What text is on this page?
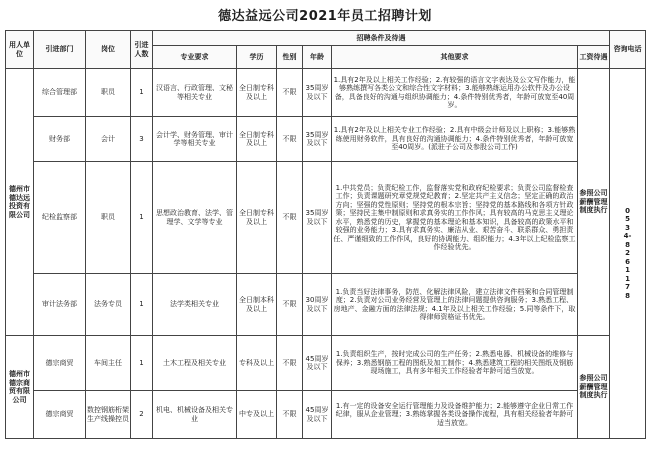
德达益远公司2021年员工招聘计划
用人单位	引进部门	岗位	引进人数	招聘条件及待遇						咨询电话
				专业要求	学历	性别	年龄	其他要求	工资待遇	
德州市德达远投资有限公司	综合管理部	职员	1	汉语言、行政管理、文秘等相关专业	全日制专科及以上	不限	35周岁及以下	1.具有2年及以上相关工作经验；2.有较强的语言文字表达及公文写作能力，能够熟练撰写各类公文和综合性文字材料；3.能够熟练运用办公软件及办公设备，具备良好的沟通与组织协调能力；4.条件特别优秀者，年龄可放宽至40周岁。	参照公司薪酬管理制度执行	0534-8261178

	财务部	会计	3	会计学、财务管理、审计学等相关专业	全日制专科及以上	不限	35周岁及以下	1.具有2年及以上相关专业工作经验；2.具有中级会计师及以上职称；3.能够熟练使用财务软件，具有良好的沟通协调能力；4.条件特别优秀者，年龄可放宽至40周岁。(派驻子公司及参股公司工作)		
	纪检监察部	职员	1	思想政治教育、法学、管理学、文学等专业	全日制专科及以上	不限	35周岁及以下	1.中共党员；负责纪检工作，监督落实党和政府纪检要求；负责公司监督检查工作；负责课题研究章党规党纪教育；2.坚定共产主义信念；坚定正确的政治方向；坚强的党性原则；坚持党的根本宗旨；坚持党的基本路线和各项方针政策；坚持民主集中制原则和求真务实的工作作风；具有较高的马克思主义理论水平，熟悉党的历史，掌握党的基本理论和基本知识，具备较高的政策水平和较强的业务能力；3.具有求真务实、廉洁从业、艰苦奋斗、联系群众、勇担责任、严谨细致的工作作风，良好的协调能力、组织能力；4.3年以上纪检监察工作经验优先。		
	审计法务部	法务专员	1	法学类相关专业	全日制本科及以上	不限	30周岁及以下	1.负责当好法律事务，防范、化解法律风险，建立法律文件档案和合同管理制度；2.负责对公司业务经营及管理上的法律问题提供咨询服务；3.熟悉工程、房地产、金融方面的法律法规；4.1年及以上相关工作经验；5.同等条件下，取得律师资格证书优先。		
德州市德宗商贸有限公司	德宗商贸	车间主任	1	土木工程及相关专业	专科及以上	不限	45周岁及以下	1.负责组织生产，按时完成公司的生产任务；2.熟悉电器、机械设备的维修与保养；3.熟悉钢筋工程的图纸及加工制作；4.熟悉建筑工程的相关图纸及钢筋现场施工，具有多年相关工作经验者年龄可适当放宽。	参照公司薪酬管理制度执行	
	德宗商贸	数控钢筋桁架生产线操控员	2	机电、机械设备及相关专业	中专及以上	不限	45周岁及以下	1.有一定的设备安全运行管理能力及设备维护能力；2.能够遵守企业日常工作纪律，服从企业管理；3.熟练掌握各类设备操作流程，具有相关经验者年龄可适当放宽。		
